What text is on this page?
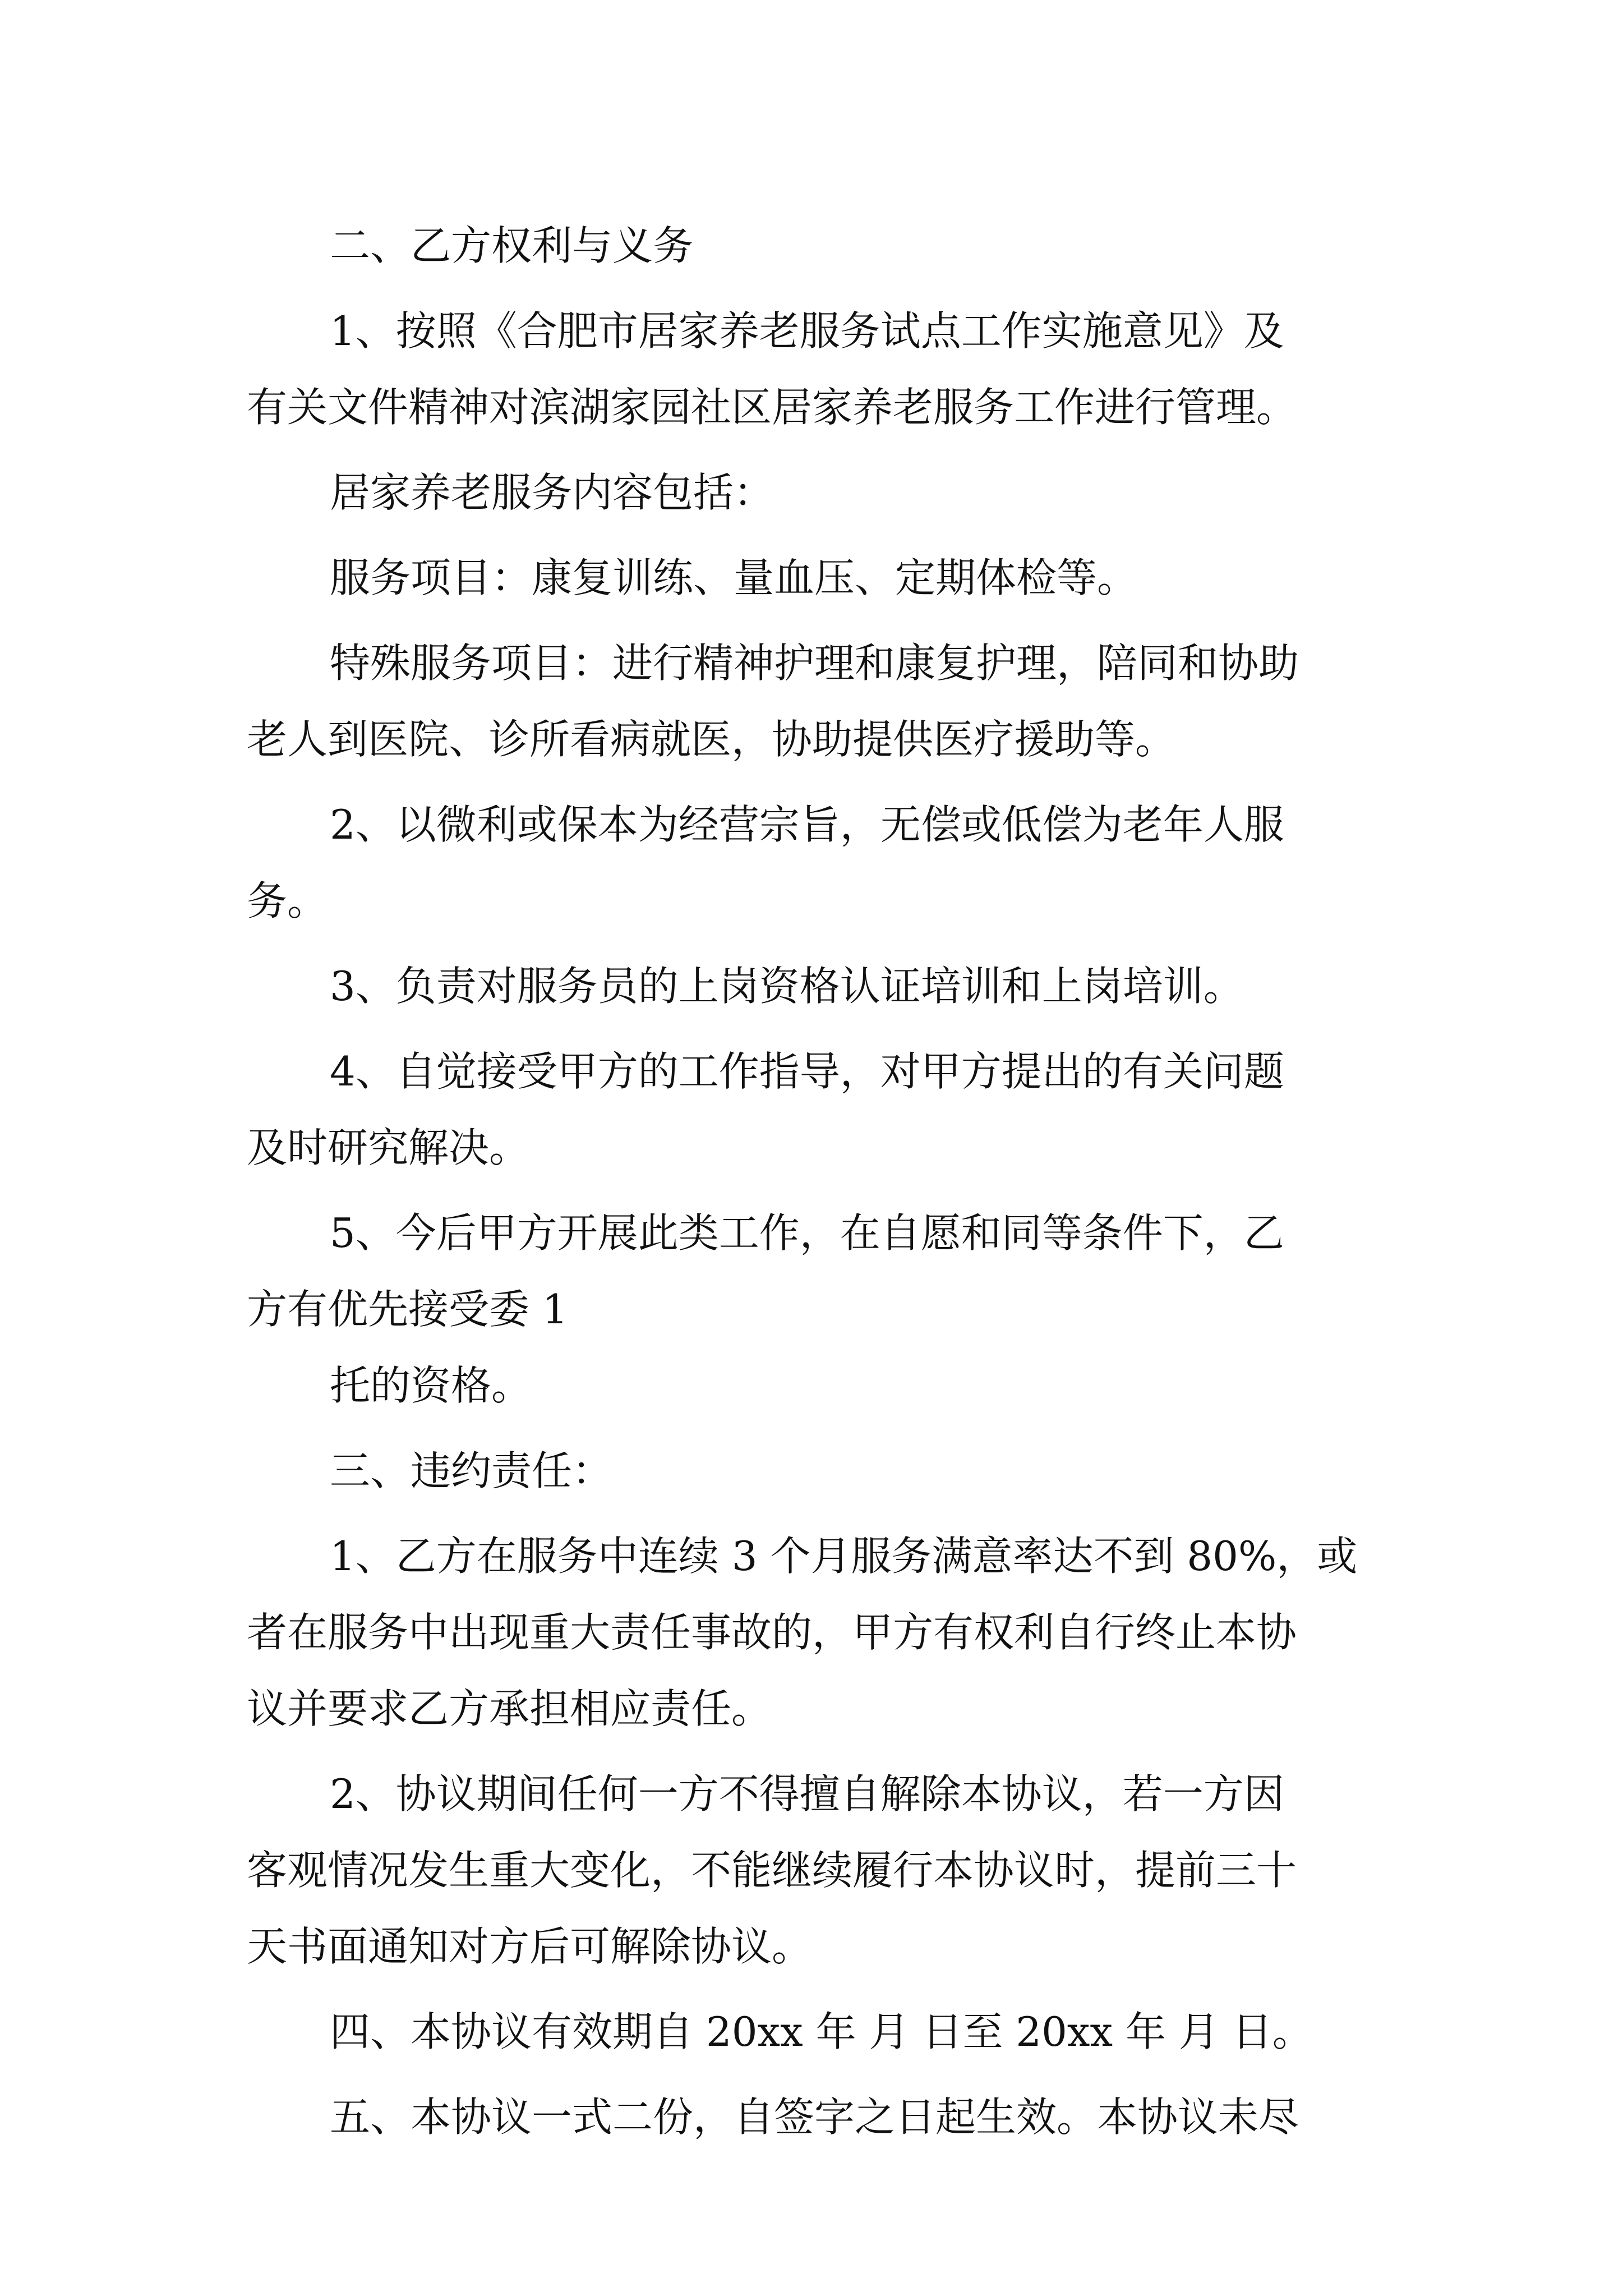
二、乙方权利与义务
1、按照《合肥市居家养老服务试点工作实施意见》及
有关文件精神对滨湖家园社区居家养老服务工作进行管理。
居家养老服务内容包括：
服务项目：康复训练、量血压、定期体检等。
特殊服务项目：进行精神护理和康复护理，陪同和协助
老人到医院、诊所看病就医，协助提供医疗援助等。
2、以微利或保本为经营宗旨，无偿或低偿为老年人服
务。
3、负责对服务员的上岗资格认证培训和上岗培训。
4、自觉接受甲方的工作指导，对甲方提出的有关问题
及时研究解决。
5、今后甲方开展此类工作，在自愿和同等条件下，乙
方有优先接受委 1
托的资格。
三、违约责任：
1、乙方在服务中连续 3 个月服务满意率达不到 80%，或
者在服务中出现重大责任事故的，甲方有权利自行终止本协
议并要求乙方承担相应责任。
2、协议期间任何一方不得擅自解除本协议，若一方因
客观情况发生重大变化，不能继续履行本协议时，提前三十
天书面通知对方后可解除协议。
四、本协议有效期自 20xx 年 月 日至 20xx 年 月 日。
五、本协议一式二份，自签字之日起生效。本协议未尽
